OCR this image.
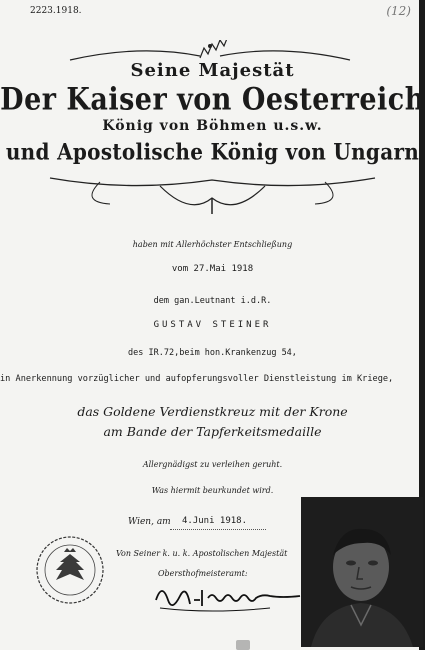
2223.1918.	(12)
Seine Majestät
Der Kaiser von Oesterreich
König von Böhmen u.s.w.
und Apostolische König von Ungarn
haben mit Allerhöchster Entschließung
vom 27.Mai 1918
dem gan.Leutnant i.d.R.
GUSTAV STEINER
des IR.72,beim hon.Krankenzug 54,
in Anerkennung vorzüglicher und aufopferungsvoller Dienstleistung im Kriege,
das Goldene Verdienstkreuz mit der Krone
am Bande der Tapferkeitsmedaille
Allergnädigst zu verleihen geruht.
Was hiermit beurkundet wird.
Wien, am 4.Juni 1918.
Von Seiner k. u. k. Apostolischen Majestät
Obersthofmeisteramt:
